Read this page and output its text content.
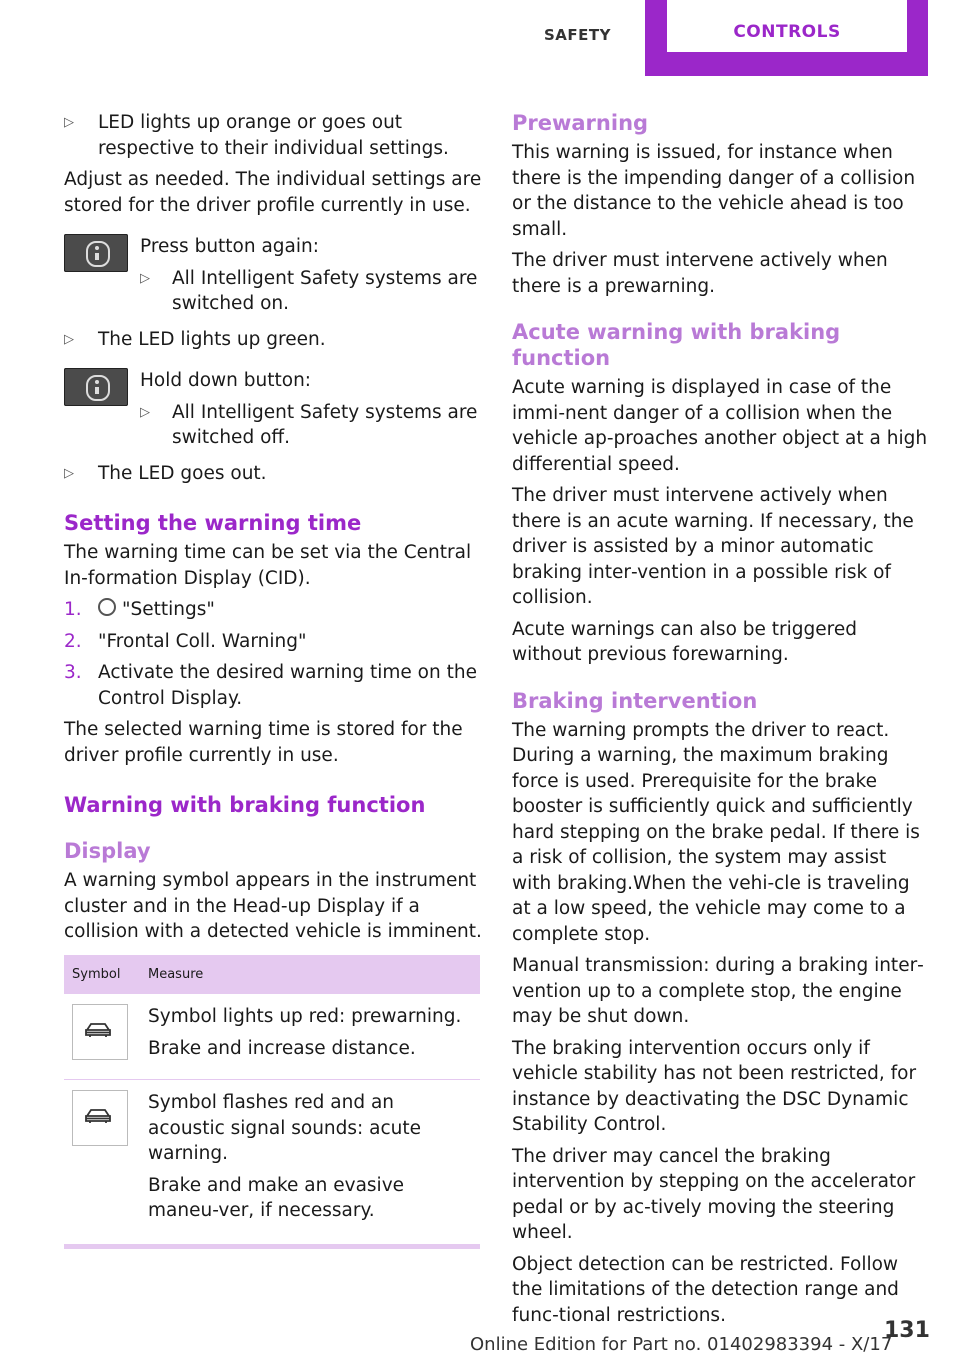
SAFETY	CONTROLS
▷ LED lights up orange or goes out respective to their individual settings.

Adjust as needed. The individual settings are stored for the driver profile currently in use.

Press button again:

▷ All Intelligent Safety systems are switched on.
▷ The LED lights up green.

Hold down button:

▷ All Intelligent Safety systems are switched off.
▷ The LED goes out.
Setting the warning time

The warning time can be set via the Central In‐formation Display (CID).

1. "Settings"
2. "Frontal Coll. Warning"
3. Activate the desired warning time on the Control Display.

The selected warning time is stored for the driver profile currently in use.

Warning with braking function
Display

A warning symbol appears in the instrument cluster and in the Head-up Display if a collision with a detected vehicle is imminent.

Symbol	Measure

Symbol lights up red: prewarning.

Brake and increase distance.

Symbol flashes red and an acoustic signal sounds: acute warning.

Brake and make an evasive maneu‐ver, if necessary.

Prewarning

This warning is issued, for instance when there is the impending danger of a collision or the distance to the vehicle ahead is too small.

The driver must intervene actively when there is a prewarning.

Acute warning with braking function

Acute warning is displayed in case of the immi‐nent danger of a collision when the vehicle ap‐proaches another object at a high differential speed.

The driver must intervene actively when there is an acute warning. If necessary, the driver is assisted by a minor automatic braking inter‐vention in a possible risk of collision.

Acute warnings can also be triggered without previous forewarning.

Braking intervention

The warning prompts the driver to react. During a warning, the maximum braking force is used. Prerequisite for the brake booster is sufficiently quick and sufficiently hard stepping on the brake pedal. If there is a risk of collision, the system may assist with braking.When the vehi‐cle is traveling at a low speed, the vehicle may come to a complete stop.

Manual transmission: during a braking inter‐vention up to a complete stop, the engine may be shut down.

The braking intervention occurs only if vehicle stability has not been restricted, for instance by deactivating the DSC Dynamic Stability Control.

The driver may cancel the braking intervention by stepping on the accelerator pedal or by ac‐tively moving the steering wheel.

Object detection can be restricted. Follow the limitations of the detection range and func‐tional restrictions.

131
Online Edition for Part no. 01402983394 - X/17
